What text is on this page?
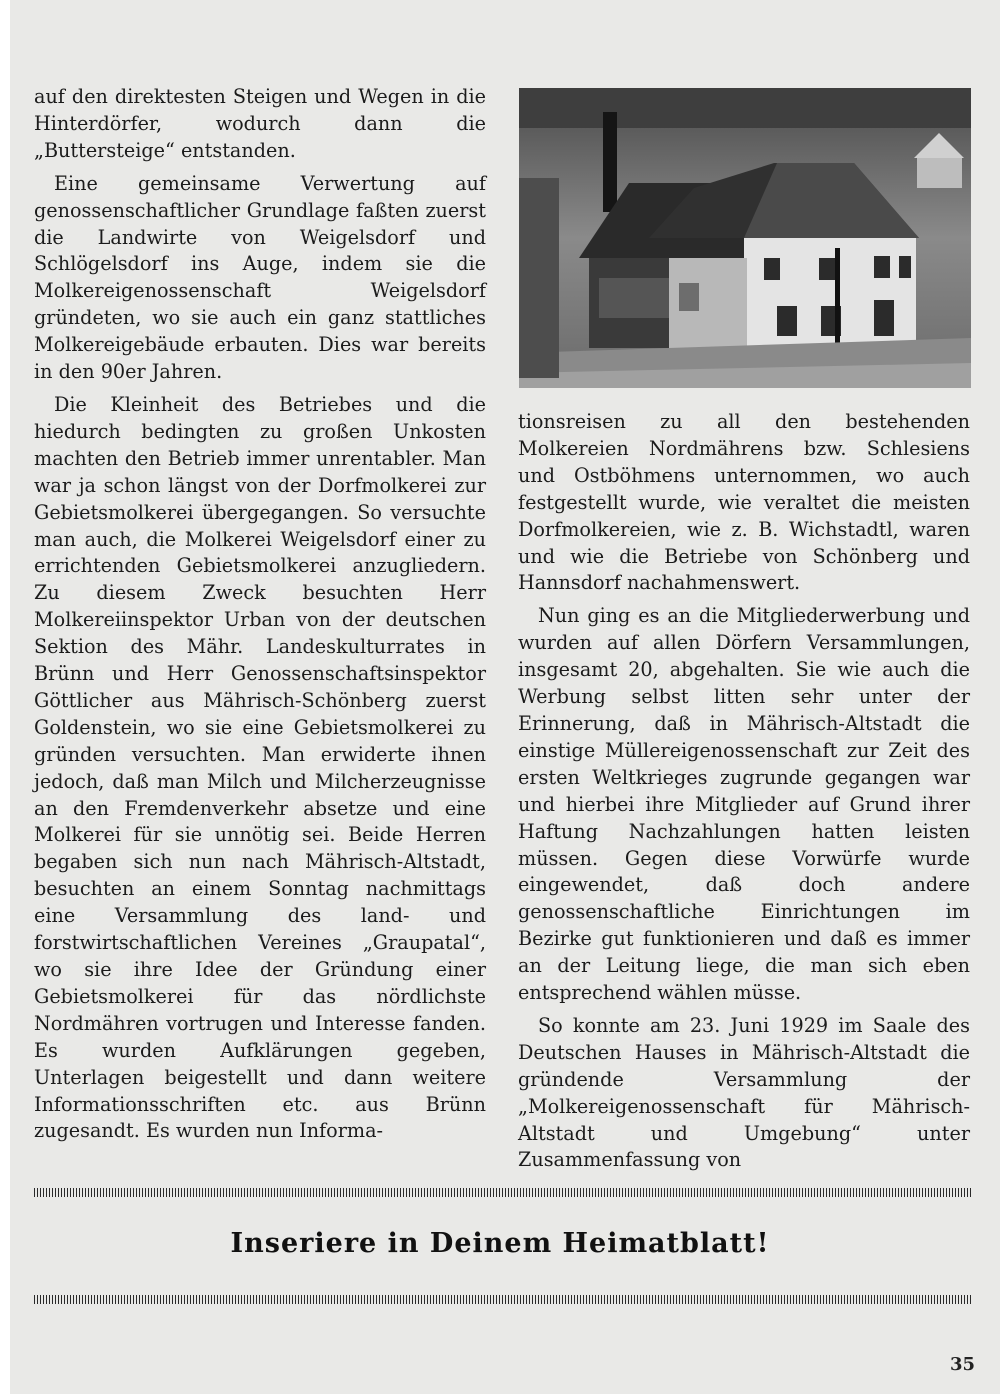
auf den direktesten Steigen und Wegen in die Hinterdörfer, wodurch dann die „Buttersteige“ entstanden.

Eine gemeinsame Verwertung auf genossenschaftlicher Grundlage faßten zuerst die Landwirte von Weigelsdorf und Schlögelsdorf ins Auge, indem sie die Molkereigenossenschaft Weigelsdorf gründeten, wo sie auch ein ganz stattliches Molkereigebäude erbauten. Dies war bereits in den 90er Jahren.

Die Kleinheit des Betriebes und die hiedurch bedingten zu großen Unkosten machten den Betrieb immer unrentabler. Man war ja schon längst von der Dorfmolkerei zur Gebietsmolkerei übergegangen. So versuchte man auch, die Molkerei Weigelsdorf einer zu errichtenden Gebietsmolkerei anzugliedern. Zu diesem Zweck besuchten Herr Molkereiinspektor Urban von der deutschen Sektion des Mähr. Landeskulturrates in Brünn und Herr Genossenschaftsinspektor Göttlicher aus Mährisch-Schönberg zuerst Goldenstein, wo sie eine Gebietsmolkerei zu gründen versuchten. Man erwiderte ihnen jedoch, daß man Milch und Milcherzeugnisse an den Fremdenverkehr absetze und eine Molkerei für sie unnötig sei. Beide Herren begaben sich nun nach Mährisch-Altstadt, besuchten an einem Sonntag nachmittags eine Versammlung des land- und forstwirtschaftlichen Vereines „Graupatal“, wo sie ihre Idee der Gründung einer Gebietsmolkerei für das nördlichste Nordmähren vortrugen und Interesse fanden. Es wurden Aufklärungen gegeben, Unterlagen beigestellt und dann weitere Informationsschriften etc. aus Brünn zugesandt. Es wurden nun Informa-

tionsreisen zu all den bestehenden Molkereien Nordmährens bzw. Schlesiens und Ostböhmens unternommen, wo auch festgestellt wurde, wie veraltet die meisten Dorfmolkereien, wie z. B. Wichstadtl, waren und wie die Betriebe von Schönberg und Hannsdorf nachahmenswert.

Nun ging es an die Mitgliederwerbung und wurden auf allen Dörfern Versammlungen, insgesamt 20, abgehalten. Sie wie auch die Werbung selbst litten sehr unter der Erinnerung, daß in Mährisch-Altstadt die einstige Müllereigenossenschaft zur Zeit des ersten Weltkrieges zugrunde gegangen war und hierbei ihre Mitglieder auf Grund ihrer Haftung Nachzahlungen hatten leisten müssen. Gegen diese Vorwürfe wurde eingewendet, daß doch andere genossenschaftliche Einrichtungen im Bezirke gut funktionieren und daß es immer an der Leitung liege, die man sich eben entsprechend wählen müsse.

So konnte am 23. Juni 1929 im Saale des Deutschen Hauses in Mährisch-Altstadt die gründende Versammlung der „Molkereigenossenschaft für Mährisch-Altstadt und Umgebung“ unter Zusammenfassung von

Inseriere in Deinem Heimatblatt!
35
